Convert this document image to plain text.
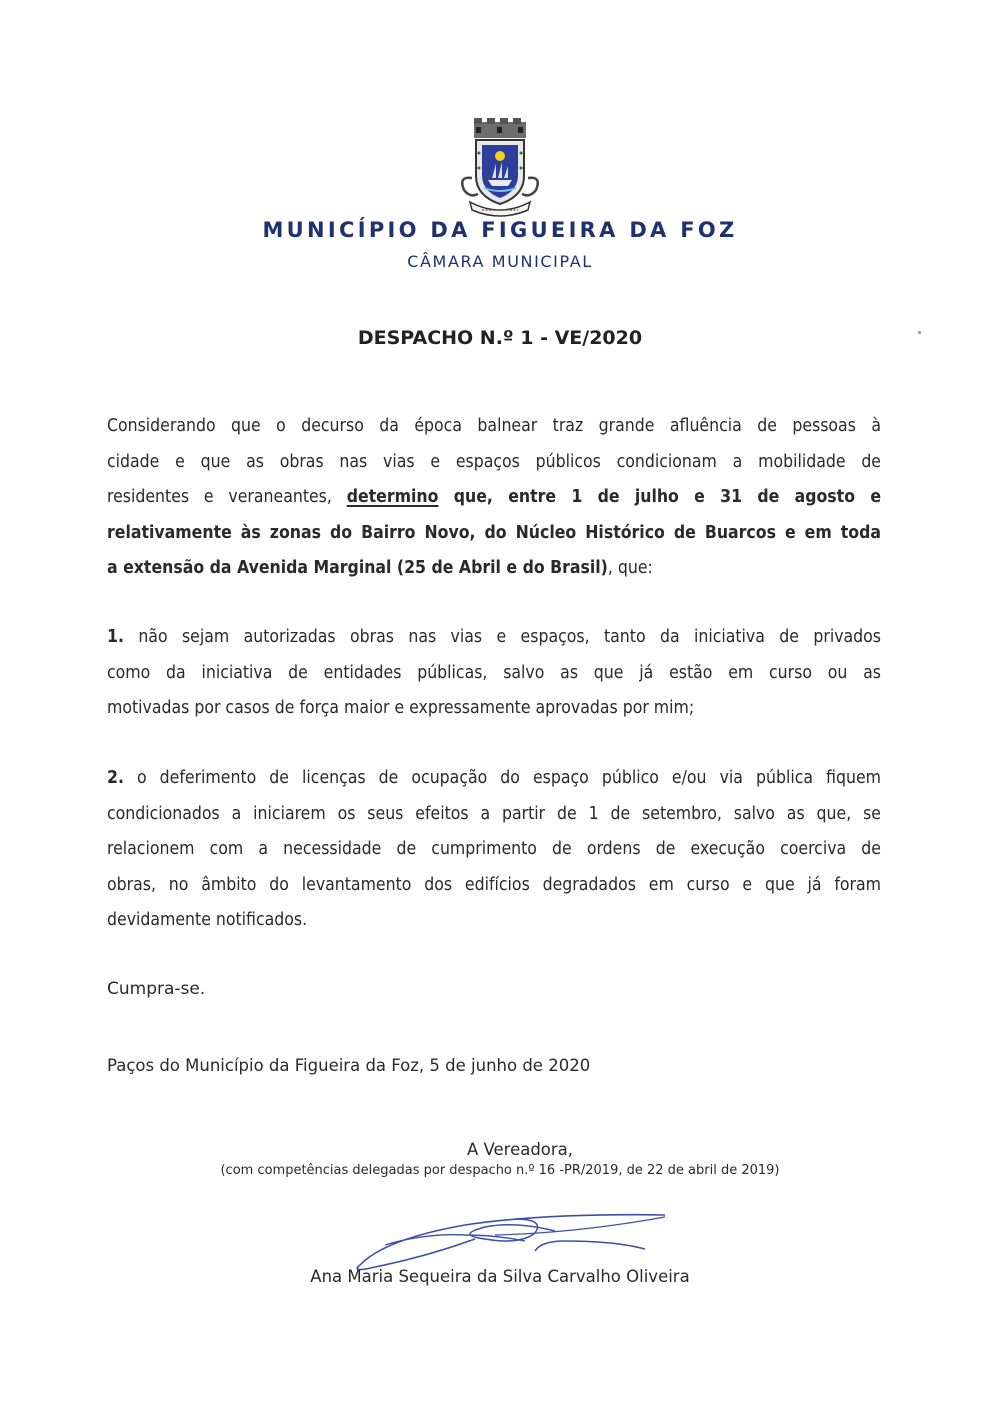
MUNICÍPIO DA FIGUEIRA DA FOZ
CÂMARA MUNICIPAL
DESPACHO N.º 1 - VE/2020
Considerando que o decurso da época balnear traz grande afluência de pessoas à
cidade e que as obras nas vias e espaços públicos condicionam a mobilidade de
residentes e veraneantes, determino que, entre 1 de julho e 31 de agosto e
relativamente às zonas do Bairro Novo, do Núcleo Histórico de Buarcos e em toda
a extensão da Avenida Marginal (25 de Abril e do Brasil), que:
1. não sejam autorizadas obras nas vias e espaços, tanto da iniciativa de privados
como da iniciativa de entidades públicas, salvo as que já estão em curso ou as
motivadas por casos de força maior e expressamente aprovadas por mim;
2. o deferimento de licenças de ocupação do espaço público e/ou via pública fiquem
condicionados a iniciarem os seus efeitos a partir de 1 de setembro, salvo as que, se
relacionem com a necessidade de cumprimento de ordens de execução coerciva de
obras, no âmbito do levantamento dos edifícios degradados em curso e que já foram
devidamente notificados.
Cumpra-se.
Paços do Município da Figueira da Foz, 5 de junho de 2020
A Vereadora,
(com competências delegadas por despacho n.º 16 -PR/2019, de 22 de abril de 2019)
Ana Maria Sequeira da Silva Carvalho Oliveira
